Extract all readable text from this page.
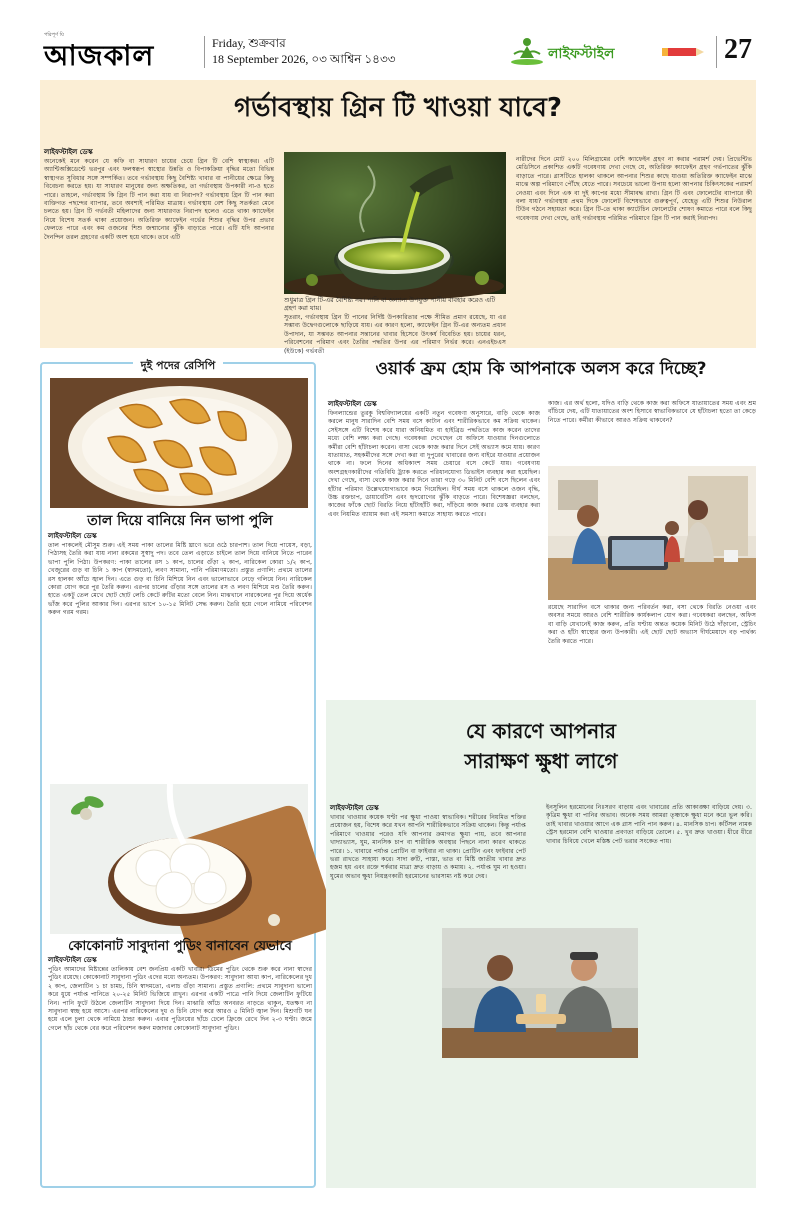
পরিপূর্ণ যি
আজকাল	Friday, শুক্রবার
18 September 2026, ০৩ আশ্বিন ১৪৩৩	লাইফস্টাইল	27
গর্ভাবস্থায় গ্রিন টি খাওয়া যাবে?
লাইফস্টাইল ডেস্ক
অনেকেই মনে করেন যে কফি বা সাধারণ চায়ের চেয়ে গ্রিন টি বেশি স্বাস্থ্যকর। এটি অ্যান্টিঅক্সিডেন্টে ভরপুর এবং ফলস্বরূপ স্বাস্থ্যের উন্নতি ও বিপাকক্রিয়া বৃদ্ধির মতো বিভিন্ন স্বাস্থ্যগত সুবিধার সঙ্গে সম্পর্কিত। তবে গর্ভাবস্থায় কিছু বৈশিষ্ট্য খাবার বা পানীয়ের ক্ষেত্রে কিছু বিবেচনা করতে হয়। যা সাধারণ মানুষের জন্য অক্ষতিকর, তা গর্ভাবস্থায় উপকারী না-ও হতে পারে। তাহলে, গর্ভাবস্থায় কি গ্রিন টি পান করা যায় বা নিরাপদ? গর্ভাবস্থায় গ্রিন টি পান করা ব্যক্তিগত পছন্দের ব্যাপার, তবে অবশ্যই পরিমিত মাত্রায়। গর্ভাবস্থায় বেশ কিছু সতর্কতা মেনে চলতে হয়। গ্রিন টি গর্ভবতী মহিলাদের জন্য সাধারণত নিরাপদ হলেও এতে থাকা ক্যাফেইন নিয়ে বিশেষ সতর্ক থাকা প্রয়োজন। অতিরিক্ত ক্যাফেইন গর্ভের শিশুর বৃদ্ধির উপর প্রভাব ফেলতে পারে এবং কম ওজনের শিশু জন্মানোর ঝুঁকি বাড়াতে পারে। এটি যদি আপনার দৈনন্দিন তরল গ্রহণের একটি অংশ হয়ে থাকে। তবে এটি
শুধুমাত্র গ্রিন টি-এর বৈশিষ্ট্য নয়। পানি বা অন্যান্য উপযুক্ত পানীয় বাবহার করেও এটি গ্রহণ করা যায়।
সুতরাং, গর্ভাবস্থায় গ্রিন টি পানের নির্দিষ্ট উপকারিতার পক্ষে সীমিত প্রমাণ রয়েছে, যা এর সম্ভাব্য উদ্বেগগুলোকে ছাড়িয়ে যায়। এর কারণ হলো, ক্যাফেইন গ্রিন টি-এর অন্যতম প্রধান উপাদান, যা সম্ভবত আপনার সন্তানের খাবার হিসেবে উৎকর্ষ বিবেচিত হয়। চায়ের ধরন, পরিবেশনের পরিমাণ এবং তৈরির পদ্ধতির উপর এর পরিমাণ নির্ভর করে। এনএইচএস (ইউকে) গর্ভবতী
নারীদের দিনে মোট ২০০ মিলিগ্রামের বেশি ক্যাফেইন গ্রহণ না করার পরামর্শ দেয়। প্রিভেন্টিভ মেডিসিনে প্রকাশিত একটি গবেষণায় দেখা গেছে যে, অতিরিক্ত ক্যাফেইন গ্রহণ গর্ভপাতের ঝুঁকি বাড়াতে পারে। গ্লাসটিতে হালকা থাকলে আপনার শিশুর কাছে যাওয়া অতিরিক্ত ক্যাফেইন মাঝে মাঝে অল্প পরিমাণে পৌঁছে যেতে পারে। সবচেয়ে ভালো উপায় হলো আপনার চিকিৎসকের পরামর্শ নেওয়া এবং দিনে এক বা দুই কাপের মধ্যে সীমাবদ্ধ রাখা। গ্রিন টি এবং ফোলেটের ব্যাপারে কী বলা যায়? গর্ভাবস্থায় প্রথম দিকে ফোলেট বিশেষভাবে গুরুত্বপূর্ণ, যেহেতু এটি শিশুর নিউরাল টিউব গঠনে সহায়তা করে। গ্রিন টি-তে থাকা ক্যাটেচিন ফোলেটের শোষণ কমাতে পারে বলে কিছু গবেষণায় দেখা গেছে, তাই গর্ভাবস্থায় পরিমিত পরিমাণে গ্রিন টি পান করাই নিরাপদ।
দুই পদের রেসিপি
তাল দিয়ে বানিয়ে নিন ভাপা পুলি
লাইফস্টাইল ডেস্ক
তাল পাকলেই মৌসুম শুরু। এই সময় পাকা তালের মিষ্টি ঘ্রাণে ভরে ওঠে চারপাশ। তাল দিয়ে পায়েস, বড়া, পিঠাসহ তৈরি করা যায় নানা রকমের সুস্বাদু পদ। তবে তেল এড়াতে চাইলে তাল দিয়ে বানিয়ে নিতে পারেন ভাপা পুলি পিঠা। উপকরণ: পাকা তালের রস ১ কাপ, চালের গুঁড়া ২ কাপ, নারিকেল কোরা ১/২ কাপ, খেজুরের গুড় বা চিনি ১ কাপ (স্বাদমতো), লবণ সামান্য, পানি পরিমাণমতো। প্রস্তুত প্রণালি: প্রথমে তালের রস হালকা আঁচে জ্বাল দিন। এতে গুড় বা চিনি মিশিয়ে নিন এবং ভালোভাবে নেড়ে গলিয়ে নিন। নারিকেল কোরা যোগ করে পুর তৈরি করুন। এরপর চালের গুঁড়ার সঙ্গে তালের রস ও লবণ মিশিয়ে মণ্ড তৈরি করুন। হাতে একটু তেল মেখে ছোট ছোট লেচি কেটে রুটির মতো বেলে নিন। মাঝখানে নারকেলের পুর দিয়ে অর্ধেক ভাঁজ করে পুলির আকার দিন। এরপর ভাপে ১০-১৫ মিনিট সেদ্ধ করুন। তৈরি হয়ে গেলে নামিয়ে পরিবেশন করুন গরম গরম।
কোকোনাট সাবুদানা পুডিং বানাবেন যেভাবে
লাইফস্টাইল ডেস্ক
পুডিং আমাদের মিষ্টান্নের তালিকায় বেশ জনপ্রিয় একটি খাবার। ডিমের পুডিং থেকে শুরু করে নানা স্বাদের পুডিং রয়েছে। কোকোনাট সাবুদানা পুডিং এদের মধ্যে অন্যতম। উপকরণ: সাবুদানা আধা কাপ, নারিকেলের দুধ ২ কাপ, জেলাটিন ১ চা চামচ, চিনি স্বাদমতো, এলাচ গুঁড়া সামান্য। প্রস্তুত প্রণালি: প্রথমে সাবুদানা ভালো করে ধুয়ে পর্যাপ্ত পানিতে ২০-২৫ মিনিট ভিজিয়ে রাখুন। এরপর একটি পাত্রে পানি দিয়ে জেলাটিন ফুটিয়ে নিন। পানি ফুটে উঠলে জেলাটিন সাবুদানা দিয়ে দিন। মাঝারি আঁচে অনবরত নাড়তে থাকুন, যতক্ষণ না সাবুদানা স্বচ্ছ হয়ে আসে। এরপর নারিকেলের দুধ ও চিনি যোগ করে আরও ৫ মিনিট জ্বাল দিন। মিশ্রণটি ঘন হয়ে এলে চুলা থেকে নামিয়ে ঠান্ডা করুন। এবার পুডিংয়ের ছাঁচে ঢেলে ফ্রিজে রেখে দিন ২-৩ ঘণ্টা। জমে গেলে ছাঁচ থেকে বের করে পরিবেশন করুন মজাদার কোকোনাট সাবুদানা পুডিং।
ওয়ার্ক ফ্রম হোম কি আপনাকে অলস করে দিচ্ছে?
লাইফস্টাইল ডেস্ক
ফিনল্যান্ডের তুরকু বিশ্ববিদ্যালয়ের একটি নতুন গবেষণা অনুসারে, বাড়ি থেকে কাজ করলে মানুষ সারাদিন বেশি সময় বসে কাটান এবং শারীরিকভাবে কম সক্রিয় থাকেন। সেইসঙ্গে এটি বিশেষ করে যারা অনিয়মিত বা হাইব্রিড পদ্ধতিতে কাজ করেন তাদের মধ্যে বেশি লক্ষ্য করা গেছে। গবেষকরা দেখেছেন যে অফিসে যাওয়ার দিনগুলোতে কর্মীরা বেশি হাঁটাচলা করেন। বাসা থেকে কাজ করার দিনে সেই অভ্যাস কমে যায়। কারণ যাতায়াত, সহকর্মীদের সঙ্গে দেখা করা বা দুপুরের খাবারের জন্য বাইরে যাওয়ার প্রয়োজন থাকে না। ফলে দিনের অধিকাংশ সময় চেয়ারে বসে কেটে যায়। গবেষণায় অংশগ্রহণকারীদের গতিবিধি ট্র্যাক করতে পরিধানযোগ্য ডিভাইস ব্যবহার করা হয়েছিল। দেখা গেছে, বাসা থেকে কাজ করার দিনে তারা গড়ে ৩০ মিনিট বেশি বসে ছিলেন এবং হাঁটার পরিমাণ উল্লেখযোগ্যভাবে কমে গিয়েছিল। দীর্ঘ সময় বসে থাকলে ওজন বৃদ্ধি, উচ্চ রক্তচাপ, ডায়াবেটিস এবং হৃদরোগের ঝুঁকি বাড়তে পারে। বিশেষজ্ঞরা বলছেন, কাজের ফাঁকে ছোট বিরতি নিয়ে হাঁটাহাঁটি করা, দাঁড়িয়ে কাজ করার ডেস্ক ব্যবহার করা এবং নিয়মিত ব্যায়াম করা এই সমস্যা কমাতে সাহায্য করতে পারে।
কাজ। এর অর্থ হলো, যদিও বাড়ি থেকে কাজ করা অফিসে যাতায়াতের সময় এবং শ্রম বাঁচিয়ে দেয়, এটি যাতায়াতের অংশ হিসাবে স্বাভাবিকভাবে যে হাঁটাচলা হতো তা কেড়ে নিতে পারে। কর্মীরা কীভাবে আরও সক্রিয় থাকবেন?
রয়েছে সারাদিন বসে থাকার জন্য পরিবর্তন করা, বসা থেকে বিরতি নেওয়া এবং অবসর সময়ে আরও বেশি শারীরিক কার্যকলাপ যোগ করা। গবেষকরা বলছেন, অফিস বা বাড়ি যেখানেই কাজ করুন, প্রতি ঘণ্টায় অন্তত কয়েক মিনিট উঠে দাঁড়ানো, স্ট্রেচিং করা ও হাঁটা স্বাস্থ্যের জন্য উপকারী। এই ছোট ছোট অভ্যাস দীর্ঘমেয়াদে বড় পার্থক্য তৈরি করতে পারে।
যে কারণে আপনার
সারাক্ষণ ক্ষুধা লাগে
লাইফস্টাইল ডেস্ক
খাবার খাওয়ার কয়েক ঘণ্টা পর ক্ষুধা পাওয়া স্বাভাবিক। শরীরের নিয়মিত শক্তির প্রয়োজন হয়, বিশেষ করে যখন আপনি শারীরিকভাবে সক্রিয় থাকেন। কিন্তু পর্যাপ্ত পরিমাণে খাওয়ার পরেও যদি আপনার ক্রমাগত ক্ষুধা পায়, তবে আপনার খাদ্যাভ্যাস, ঘুম, মানসিক চাপ বা শারীরিক অবস্থার পিছনে নানা কারণ থাকতে পারে। ১. খাবারে পর্যাপ্ত প্রোটিন বা ফাইবার না থাকা। প্রোটিন এবং ফাইবার পেট ভরা রাখতে সাহায্য করে। সাদা রুটি, পাস্তা, ভাত বা মিষ্টি জাতীয় খাবার দ্রুত হজম হয় এবং রক্তে শর্করার মাত্রা দ্রুত বাড়ায় ও কমায়। ২. পর্যাপ্ত ঘুম না হওয়া। ঘুমের অভাব ক্ষুধা নিয়ন্ত্রণকারী হরমোনের ভারসাম্য নষ্ট করে দেয়।
ইনসুলিন হরমোনের নিঃসরণ বাড়ায় এবং খাবারের প্রতি আকাঙ্ক্ষা বাড়িয়ে দেয়। ৩. কৃত্রিম ক্ষুধা বা পানির অভাব। অনেক সময় আমরা তৃষ্ণাকে ক্ষুধা মনে করে ভুল করি। তাই খাবার খাওয়ার আগে এক গ্লাস পানি পান করুন। ৪. মানসিক চাপ। কর্টিসল নামক স্ট্রেস হরমোন বেশি খাওয়ার প্রবণতা বাড়িয়ে তোলে। ৫. খুব দ্রুত খাওয়া। ধীরে ধীরে খাবার চিবিয়ে খেলে মস্তিষ্ক পেট ভরার সংকেত পায়।
